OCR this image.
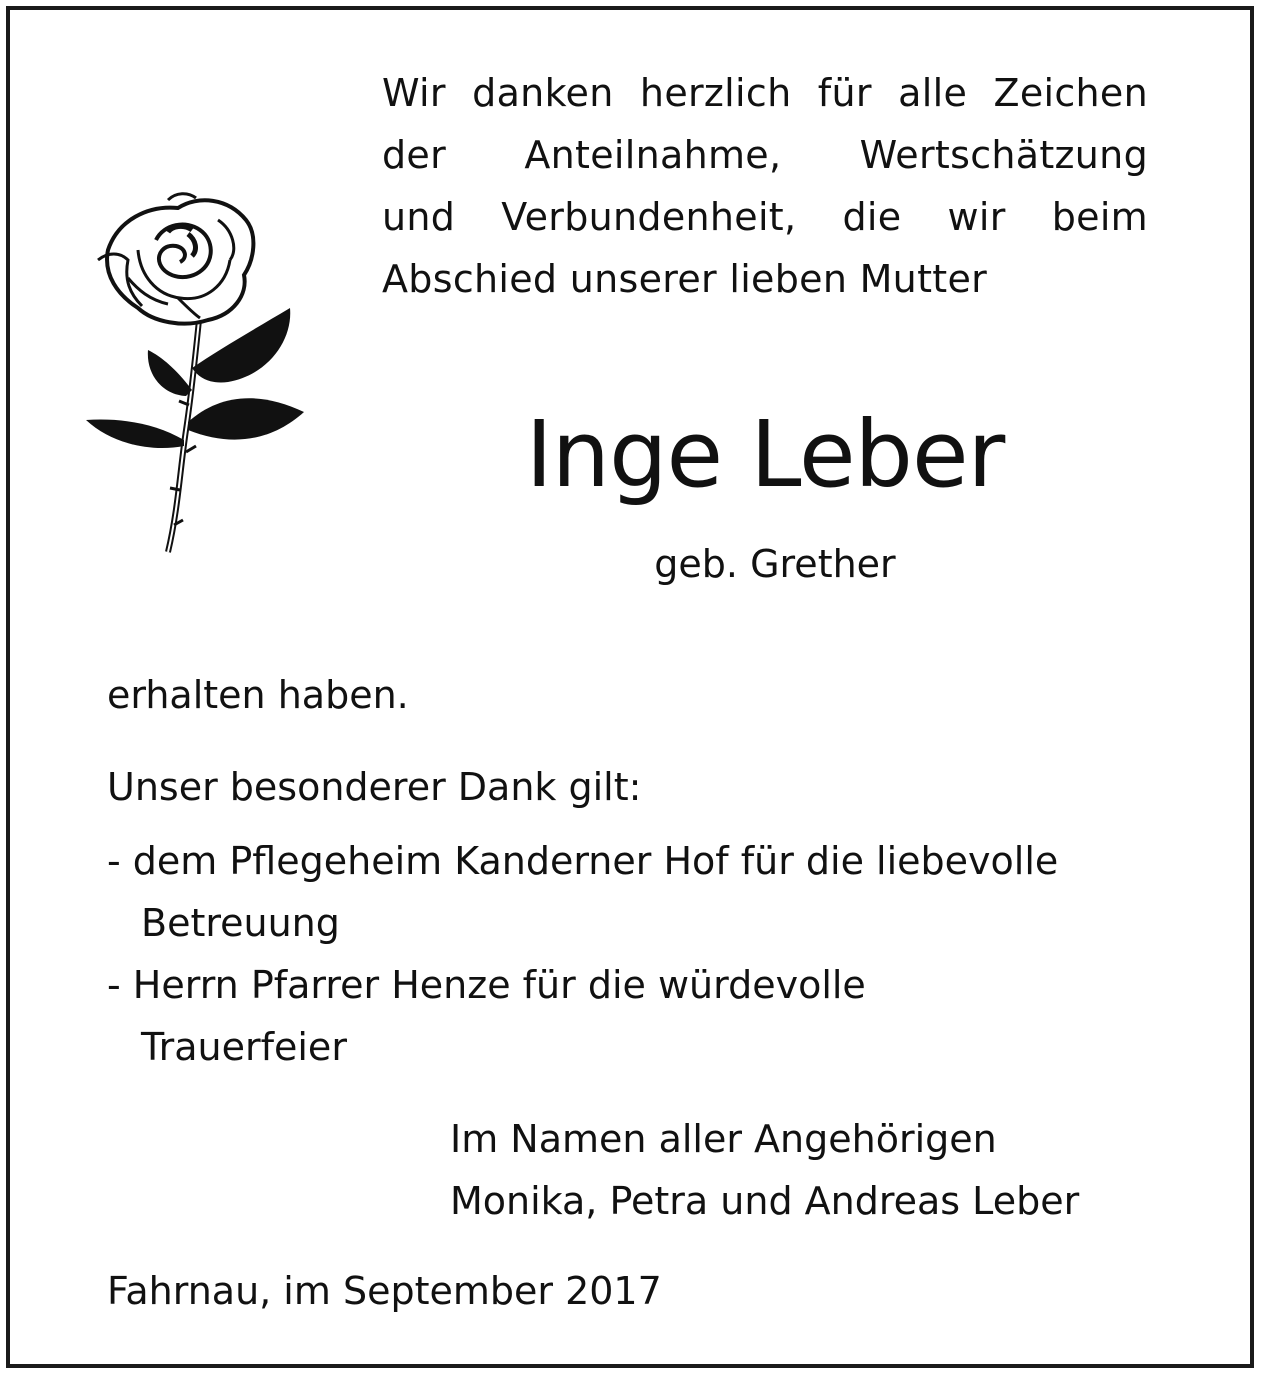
Wir danken herzlich für alle Zeichen
der Anteilnahme, Wertschätzung
und Verbundenheit, die wir beim
Abschied unserer lieben Mutter

Inge Leber

geb. Grether

erhalten haben.

Unser besonderer Dank gilt:

- dem Pflegeheim Kanderner Hof für die liebevolle
Betreuung
- Herrn Pfarrer Henze für die würdevolle
Trauerfeier

Im Namen aller Angehörigen
Monika, Petra und Andreas Leber

Fahrnau, im September 2017
